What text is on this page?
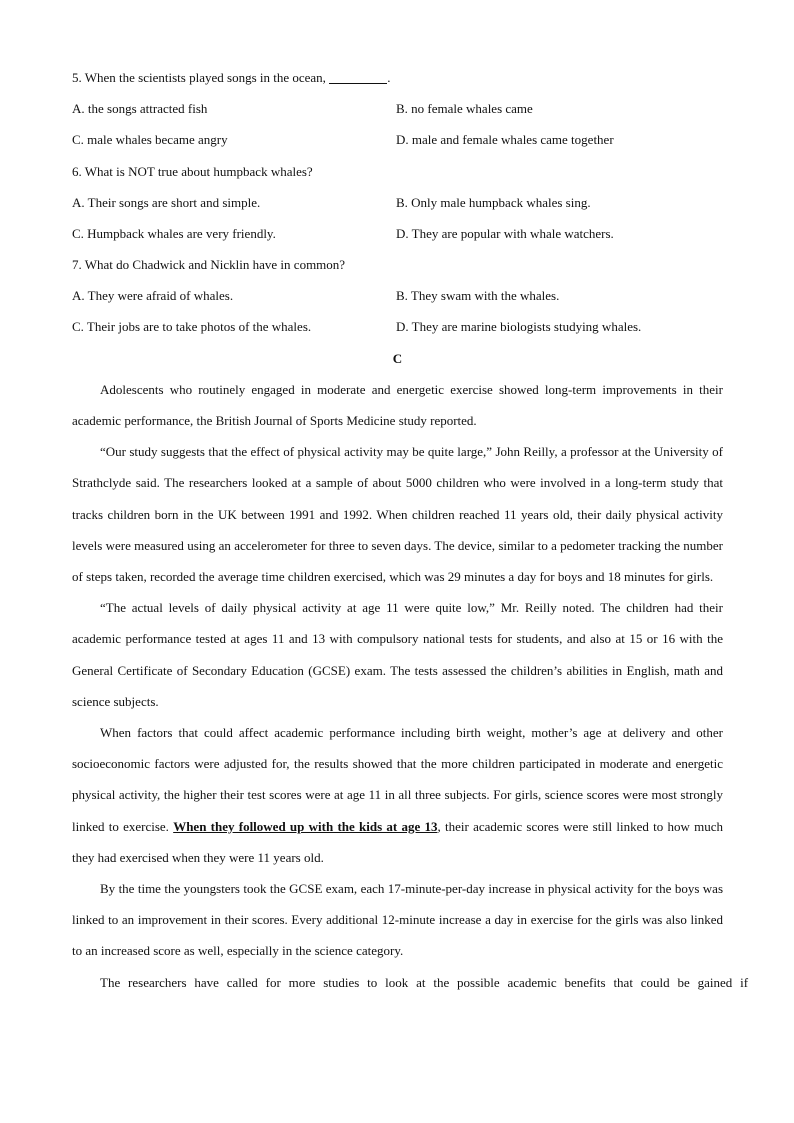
5. When the scientists played songs in the ocean,	.
A. the songs attracted fish	B. no female whales came
C. male whales became angry	D. male and female whales came together
6. What is NOT true about humpback whales?
A. Their songs are short and simple.	B. Only male humpback whales sing.
C. Humpback whales are very friendly.	D. They are popular with whale watchers.
7. What do Chadwick and Nicklin have in common?
A. They were afraid of whales.	B. They swam with the whales.
C. Their jobs are to take photos of the whales.	D. They are marine biologists studying whales.
C

Adolescents who routinely engaged in moderate and energetic exercise showed long-term improvements in their academic performance, the British Journal of Sports Medicine study reported.

“Our study suggests that the effect of physical activity may be quite large,” John Reilly, a professor at the University of Strathclyde said. The researchers looked at a sample of about 5000 children who were involved in a long-term study that tracks children born in the UK between 1991 and 1992. When children reached 11 years old, their daily physical activity levels were measured using an accelerometer for three to seven days. The device, similar to a pedometer tracking the number of steps taken, recorded the average time children exercised, which was 29 minutes a day for boys and 18 minutes for girls.

“The actual levels of daily physical activity at age 11 were quite low,” Mr. Reilly noted. The children had their academic performance tested at ages 11 and 13 with compulsory national tests for students, and also at 15 or 16 with the General Certificate of Secondary Education (GCSE) exam. The tests assessed the children’s abilities in English, math and science subjects.

When factors that could affect academic performance including birth weight, mother’s age at delivery and other socioeconomic factors were adjusted for, the results showed that the more children participated in moderate and energetic physical activity, the higher their test scores were at age 11 in all three subjects. For girls, science scores were most strongly linked to exercise. When they followed up with the kids at age 13, their academic scores were still linked to how much they had exercised when they were 11 years old.

By the time the youngsters took the GCSE exam, each 17-minute-per-day increase in physical activity for the boys was linked to an improvement in their scores. Every additional 12-minute increase a day in exercise for the girls was also linked to an increased score as well, especially in the science category.

The researchers have called for more studies to look at the possible academic benefits that could be gained if
